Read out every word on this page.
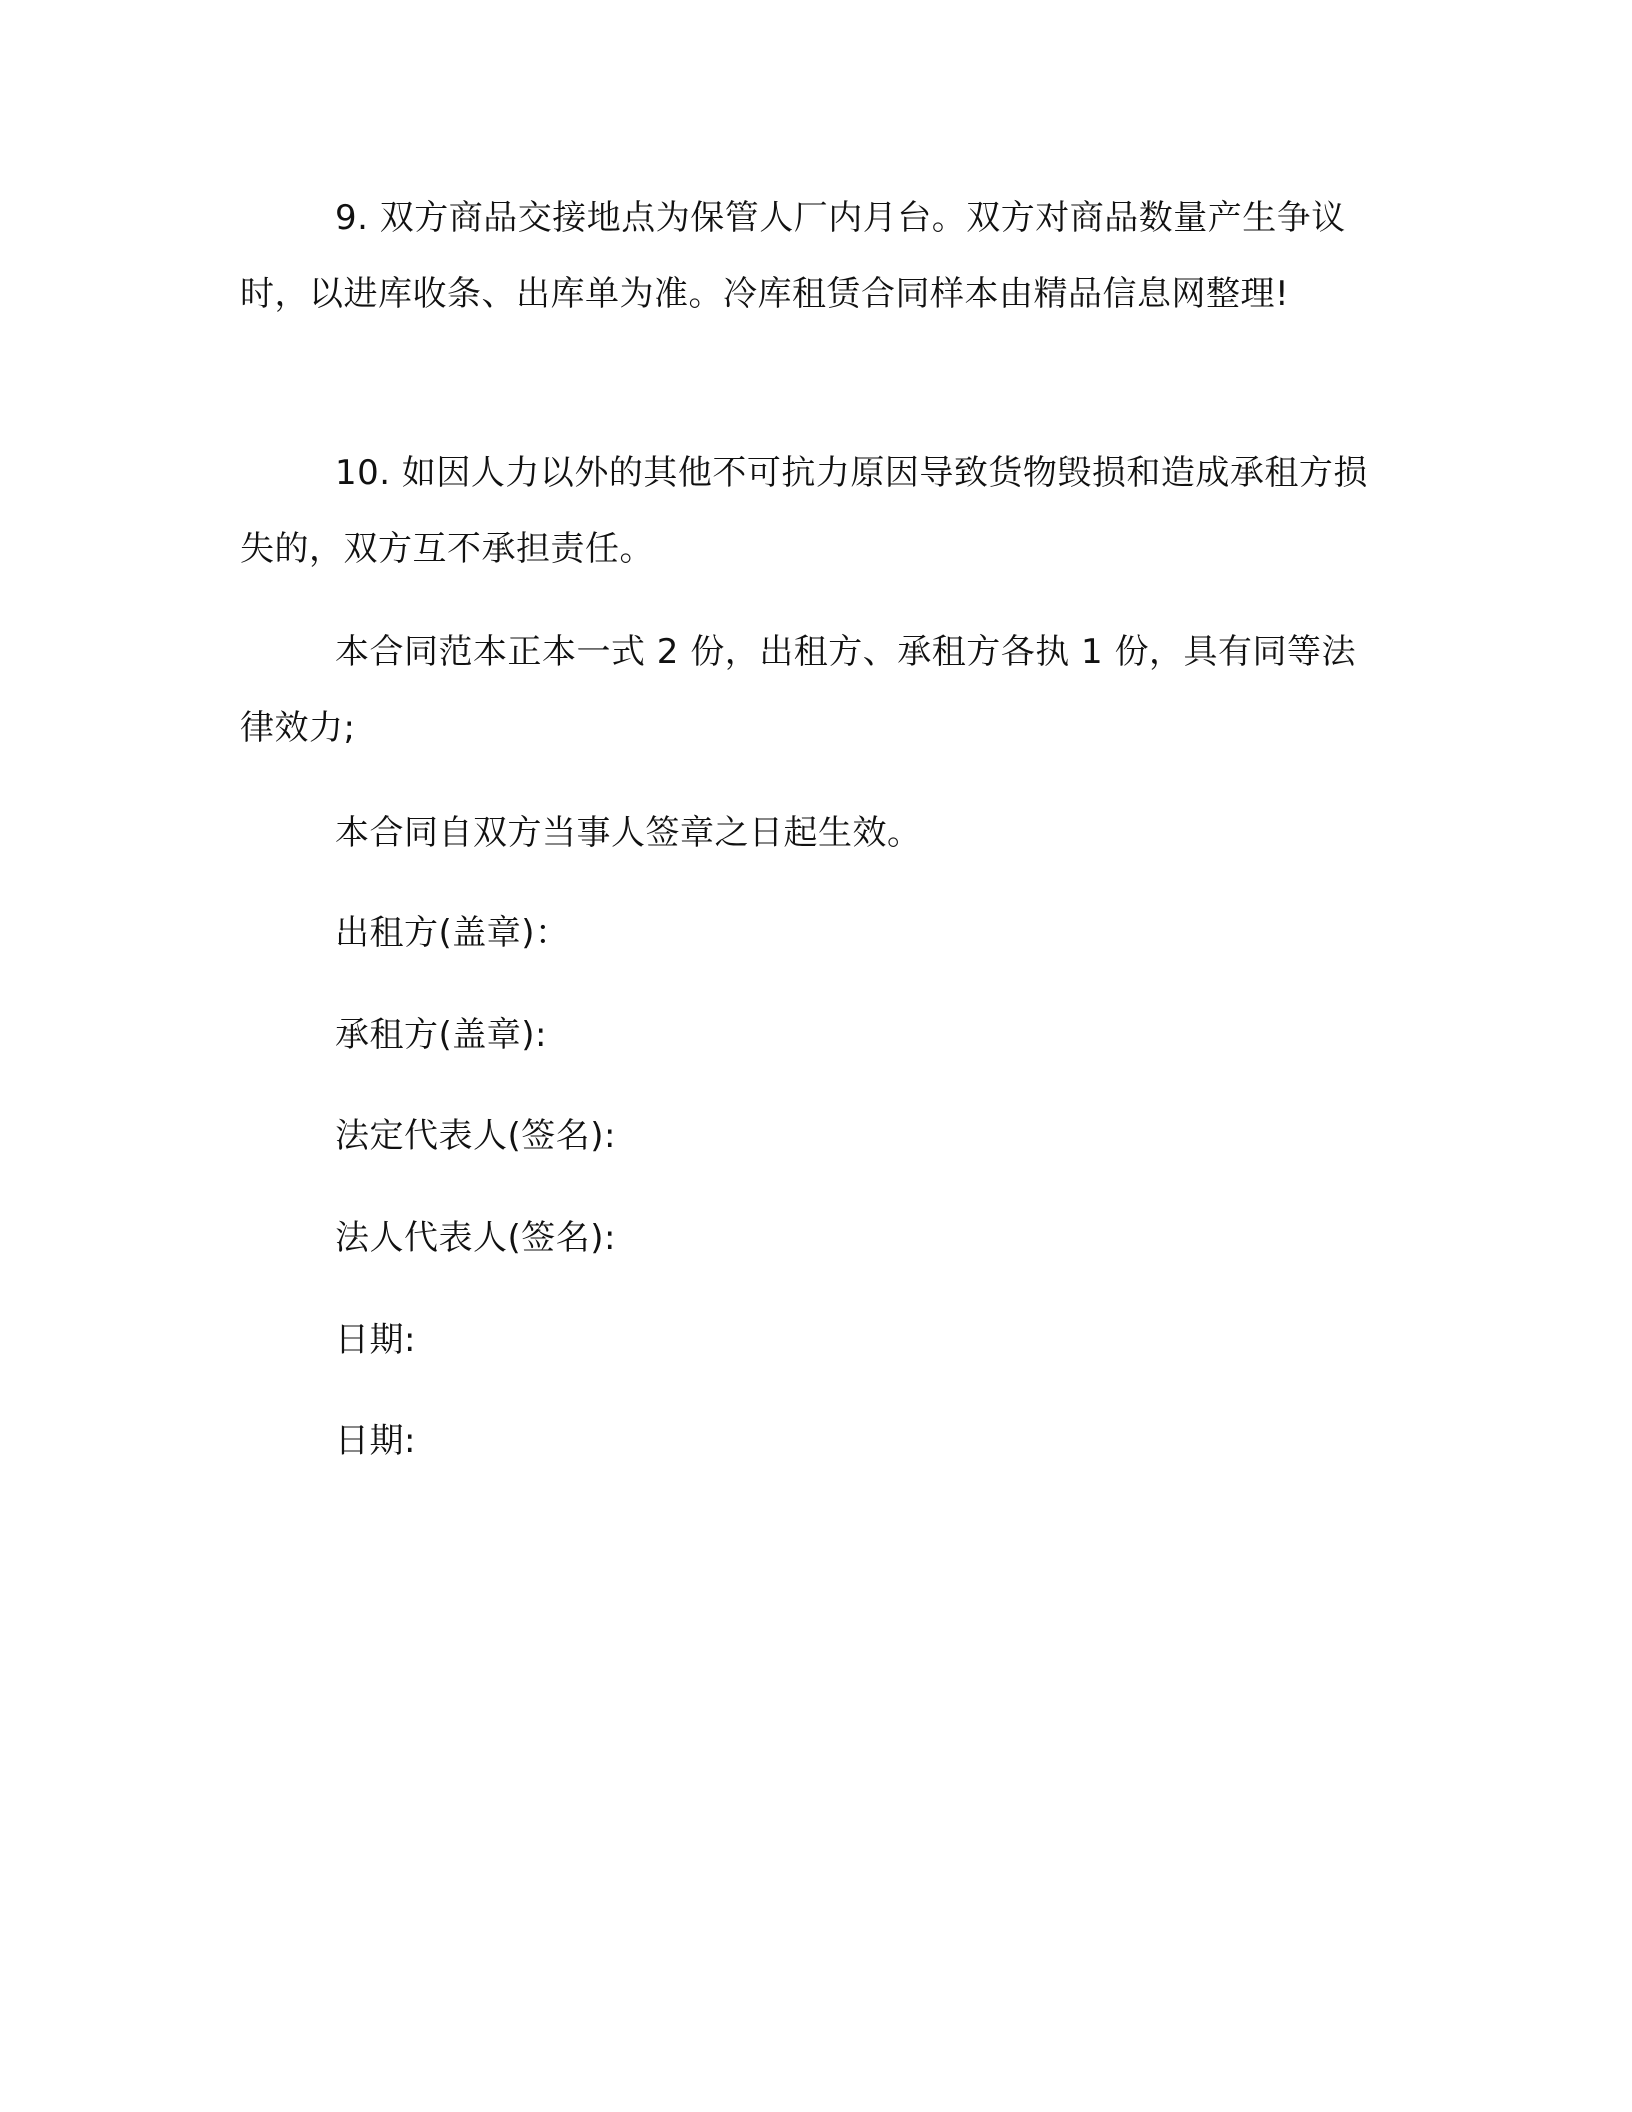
9. 双方商品交接地点为保管人厂内月台。双方对商品数量产生争议时，以进库收条、出库单为准。冷库租赁合同样本由精品信息网整理!

10. 如因人力以外的其他不可抗力原因导致货物毁损和造成承租方损失的，双方互不承担责任。

本合同范本正本一式 2 份，出租方、承租方各执 1 份，具有同等法律效力;

本合同自双方当事人签章之日起生效。

出租方(盖章)：

承租方(盖章):

法定代表人(签名):

法人代表人(签名):

日期:

日期:
